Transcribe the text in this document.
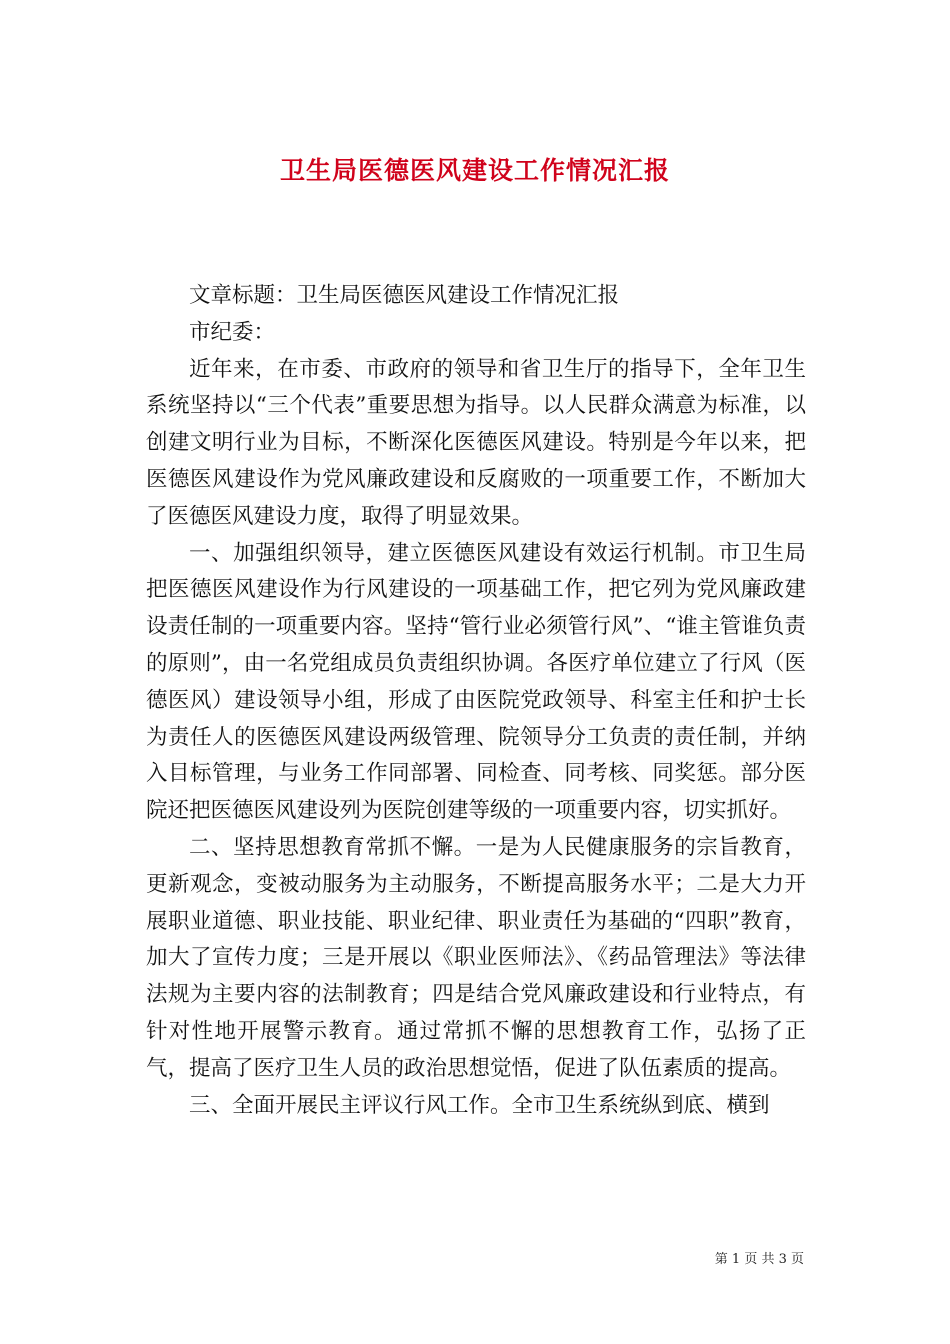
卫生局医德医风建设工作情况汇报

文章标题：卫生局医德医风建设工作情况汇报

市纪委：

近年来，在市委、市政府的领导和省卫生厅的指导下，全年卫生系统坚持以“三个代表”重要思想为指导。以人民群众满意为标准，以创建文明行业为目标，不断深化医德医风建设。特别是今年以来，把医德医风建设作为党风廉政建设和反腐败的一项重要工作，不断加大了医德医风建设力度，取得了明显效果。

一、加强组织领导，建立医德医风建设有效运行机制。市卫生局把医德医风建设作为行风建设的一项基础工作，把它列为党风廉政建设责任制的一项重要内容。坚持“管行业必须管行风”、“谁主管谁负责的原则”，由一名党组成员负责组织协调。各医疗单位建立了行风（医德医风）建设领导小组，形成了由医院党政领导、科室主任和护士长为责任人的医德医风建设两级管理、院领导分工负责的责任制，并纳入目标管理，与业务工作同部署、同检查、同考核、同奖惩。部分医院还把医德医风建设列为医院创建等级的一项重要内容，切实抓好。

二、坚持思想教育常抓不懈。一是为人民健康服务的宗旨教育，更新观念，变被动服务为主动服务，不断提高服务水平；二是大力开展职业道德、职业技能、职业纪律、职业责任为基础的“四职”教育，加大了宣传力度；三是开展以《职业医师法》、《药品管理法》等法律法规为主要内容的法制教育；四是结合党风廉政建设和行业特点，有针对性地开展警示教育。通过常抓不懈的思想教育工作，弘扬了正气，提高了医疗卫生人员的政治思想觉悟，促进了队伍素质的提高。

三、全面开展民主评议行风工作。全市卫生系统纵到底、横到

第 1 页 共 3 页
